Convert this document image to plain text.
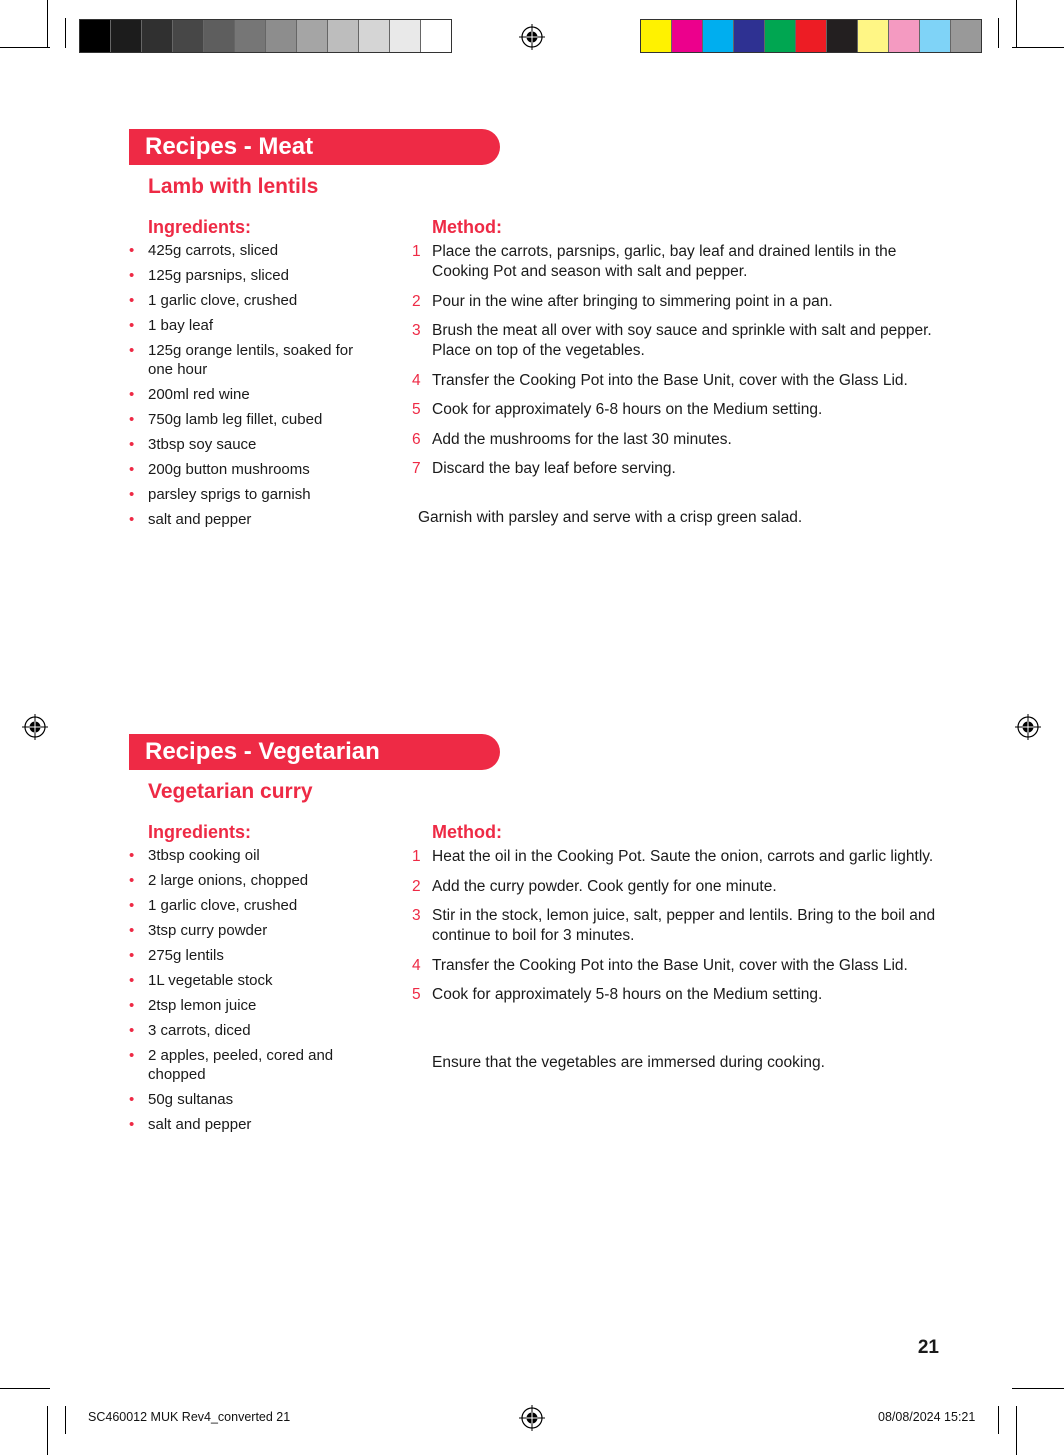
Recipes - Meat
Lamb with lentils
Ingredients:
• 425g carrots, sliced
• 125g parsnips, sliced
• 1 garlic clove, crushed
• 1 bay leaf
• 125g orange lentils, soaked for one hour
• 200ml red wine
• 750g lamb leg fillet, cubed
• 3tbsp soy sauce
• 200g button mushrooms
• parsley sprigs to garnish
• salt and pepper
Method:
1 Place the carrots, parsnips, garlic, bay leaf and drained lentils in the Cooking Pot and season with salt and pepper.
2 Pour in the wine after bringing to simmering point in a pan.
3 Brush the meat all over with soy sauce and sprinkle with salt and pepper. Place on top of the vegetables.
4 Transfer the Cooking Pot into the Base Unit, cover with the Glass Lid.
5 Cook for approximately 6-8 hours on the Medium setting.
6 Add the mushrooms for the last 30 minutes.
7 Discard the bay leaf before serving.
Garnish with parsley and serve with a crisp green salad.
Recipes - Vegetarian
Vegetarian curry
Ingredients:
• 3tbsp cooking oil
• 2 large onions, chopped
• 1 garlic clove, crushed
• 3tsp curry powder
• 275g lentils
• 1L vegetable stock
• 2tsp lemon juice
• 3 carrots, diced
• 2 apples, peeled, cored and chopped
• 50g sultanas
• salt and pepper
Method:
1 Heat the oil in the Cooking Pot. Saute the onion, carrots and garlic lightly.
2 Add the curry powder. Cook gently for one minute.
3 Stir in the stock, lemon juice, salt, pepper and lentils. Bring to the boil and continue to boil for 3 minutes.
4 Transfer the Cooking Pot into the Base Unit, cover with the Glass Lid.
5 Cook for approximately 5-8 hours on the Medium setting.
Ensure that the vegetables are immersed during cooking.
21
SC460012 MUK Rev4_converted 21	08/08/2024 15:21
